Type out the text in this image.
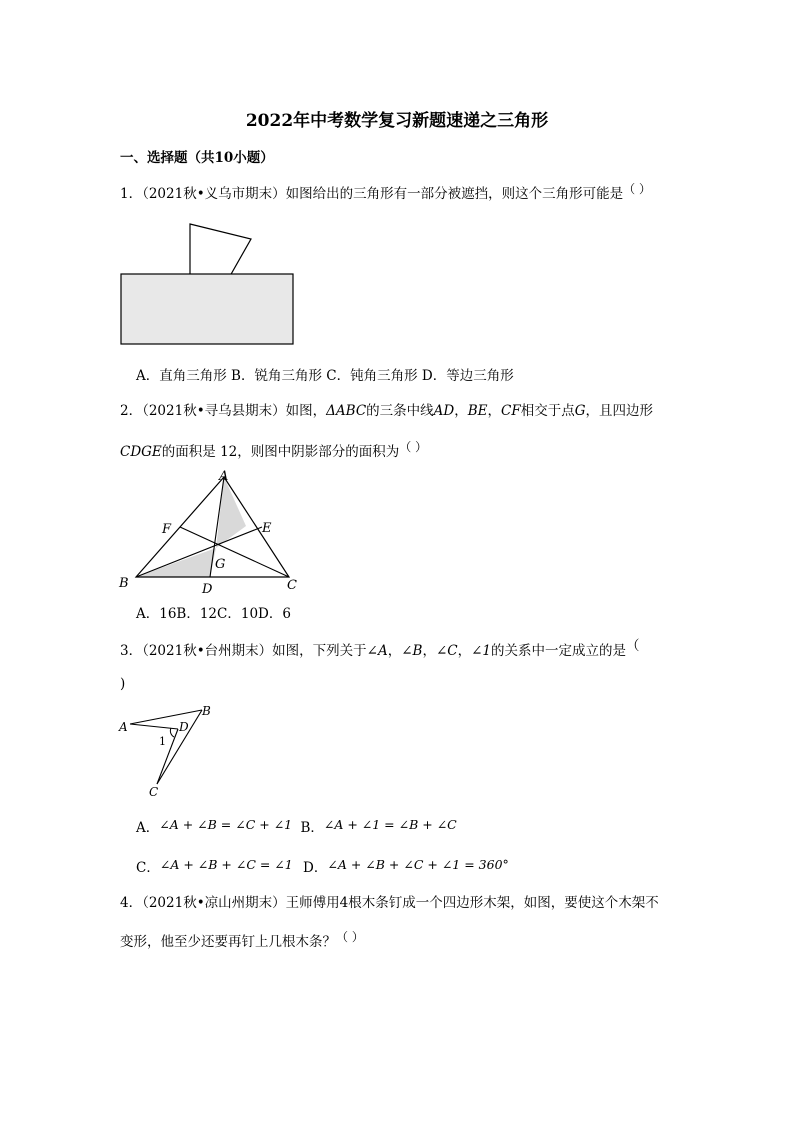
2022年中考数学复习新题速递之三角形
一、选择题（共10小题）
1．（2021秋•义乌市期末）如图给出的三角形有一部分被遮挡，则这个三角形可能是（ ）
A．直角三角形 B．锐角三角形 C．钝角三角形 D．等边三角形
2．（2021秋•寻乌县期末）如图，ΔABC的三条中线AD，BE，CF相交于点G，且四边形
CDGE的面积是 12，则图中阴影部分的面积为（ ）
A
F	E
G
B	D	C
A．16B．12C．10D．6
3．（2021秋•台州期末）如图，下列关于∠A，∠B，∠C，∠1的关系中一定成立的是（
)
A
B
D
1
C
A．∠A + ∠B = ∠C + ∠1 B．∠A + ∠1 = ∠B + ∠C
C．∠A + ∠B + ∠C = ∠1 D．∠A + ∠B + ∠C + ∠1 = 360°
4．（2021秋•凉山州期末）王师傅用4根木条钉成一个四边形木架，如图，要使这个木架不
变形，他至少还要再钉上几根木条？（ ）
